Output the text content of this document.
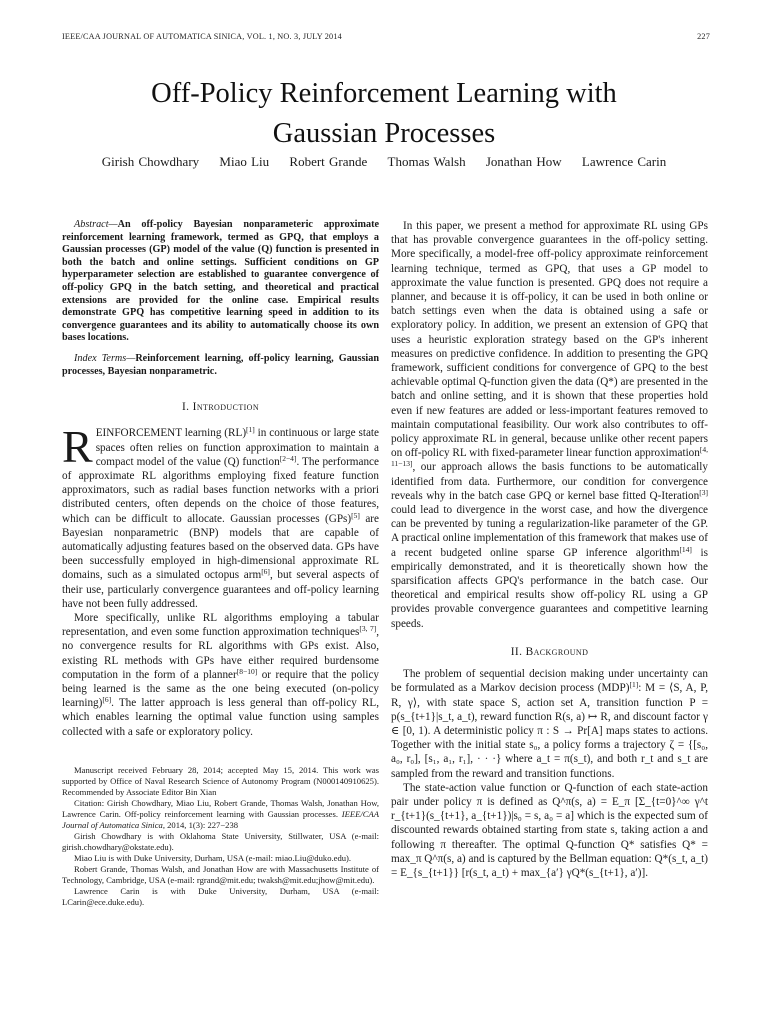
IEEE/CAA JOURNAL OF AUTOMATICA SINICA, VOL. 1, NO. 3, JULY 2014	227
Off-Policy Reinforcement Learning with
Gaussian Processes
Girish Chowdhary Miao Liu Robert Grande Thomas Walsh Jonathan How Lawrence Carin

Abstract—An off-policy Bayesian nonparameteric approximate reinforcement learning framework, termed as GPQ, that employs a Gaussian processes (GP) model of the value (Q) function is presented in both the batch and online settings. Sufficient conditions on GP hyperparameter selection are established to guarantee convergence of off-policy GPQ in the batch setting, and theoretical and practical extensions are provided for the online case. Empirical results demonstrate GPQ has competitive learning speed in addition to its convergence guarantees and its ability to automatically choose its own bases locations.

Index Terms—Reinforcement learning, off-policy learning, Gaussian processes, Bayesian nonparametric.

I. Introduction

REINFORCEMENT learning (RL)[1] in continuous or large state spaces often relies on function approximation to maintain a compact model of the value (Q) function[2−4]. The performance of approximate RL algorithms employing fixed feature function approximators, such as radial bases function networks with a priori distributed centers, often depends on the choice of those features, which can be difficult to allocate. Gaussian processes (GPs)[5] are Bayesian nonparametric (BNP) models that are capable of automatically adjusting features based on the observed data. GPs have been successfully employed in high-dimensional approximate RL domains, such as a simulated octopus arm[6], but several aspects of their use, particularly convergence guarantees and off-policy learning have not been fully addressed.

More specifically, unlike RL algorithms employing a tabular representation, and even some function approximation techniques[3, 7], no convergence results for RL algorithms with GPs exist. Also, existing RL methods with GPs have either required burdensome computation in the form of a planner[8−10] or require that the policy being learned is the same as the one being executed (on-policy learning)[6]. The latter approach is less general than off-policy RL, which enables learning the optimal value function using samples collected with a safe or exploratory policy.

Manuscript received February 28, 2014; accepted May 15, 2014. This work was supported by Office of Naval Research Science of Autonomy Program (N000140910625). Recommended by Associate Editor Bin Xian

Citation: Girish Chowdhary, Miao Liu, Robert Grande, Thomas Walsh, Jonathan How, Lawrence Carin. Off-policy reinforcement learning with Gaussian processes. IEEE/CAA Journal of Automatica Sinica, 2014, 1(3): 227−238

Girish Chowdhary is with Oklahoma State University, Stillwater, USA (e-mail: girish.chowdhary@okstate.edu).

Miao Liu is with Duke University, Durham, USA (e-mail: miao.Liu@duko.edu).

Robert Grande, Thomas Walsh, and Jonathan How are with Massachusetts Institute of Technology, Cambridge, USA (e-mail: rgrand@mit.edu; twaksh@mit.edu;jhow@mit.edu).

Lawrence Carin is with Duke University, Durham, USA (e-mail: LCarin@ece.duke.edu).

In this paper, we present a method for approximate RL using GPs that has provable convergence guarantees in the off-policy setting. More specifically, a model-free off-policy approximate reinforcement learning technique, termed as GPQ, that uses a GP model to approximate the value function is presented. GPQ does not require a planner, and because it is off-policy, it can be used in both online or batch settings even when the data is obtained using a safe or exploratory policy. In addition, we present an extension of GPQ that uses a heuristic exploration strategy based on the GP's inherent measures on predictive confidence. In addition to presenting the GPQ framework, sufficient conditions for convergence of GPQ to the best achievable optimal Q-function given the data (Q*) are presented in the batch and online setting, and it is shown that these properties hold even if new features are added or less-important features removed to maintain computational feasibility. Our work also contributes to off-policy approximate RL in general, because unlike other recent papers on off-policy RL with fixed-parameter linear function approximation[4, 11−13], our approach allows the basis functions to be automatically identified from data. Furthermore, our condition for convergence reveals why in the batch case GPQ or kernel base fitted Q-Iteration[3] could lead to divergence in the worst case, and how the divergence can be prevented by tuning a regularization-like parameter of the GP. A practical online implementation of this framework that makes use of a recent budgeted online sparse GP inference algorithm[14] is empirically demonstrated, and it is theoretically shown how the sparsification affects GPQ's performance in the batch case. Our theoretical and empirical results show off-policy RL using a GP provides provable convergence guarantees and competitive learning speeds.

II. Background

The problem of sequential decision making under uncertainty can be formulated as a Markov decision process (MDP)[1]: M = ⟨S, A, P, R, γ⟩, with state space S, action set A, transition function P = p(s_{t+1}|s_t, a_t), reward function R(s, a) ↦ R, and discount factor γ ∈ [0, 1). A deterministic policy π : S → Pr[A] maps states to actions. Together with the initial state s₀, a policy forms a trajectory ζ = {[s₀, a₀, r₀], [s₁, a₁, r₁], · · ·} where a_t = π(s_t), and both r_t and s_t are sampled from the reward and transition functions.

The state-action value function or Q-function of each state-action pair under policy π is defined as Q^π(s, a) = E_π [Σ_{t=0}^∞ γ^t r_{t+1}(s_{t+1}, a_{t+1})|s₀ = s, a₀ = a] which is the expected sum of discounted rewards obtained starting from state s, taking action a and following π thereafter. The optimal Q-function Q* satisfies Q* = max_π Q^π(s, a) and is captured by the Bellman equation: Q*(s_t, a_t) = E_{s_{t+1}} [r(s_t, a_t) + max_{a′} γQ*(s_{t+1}, a′)].
